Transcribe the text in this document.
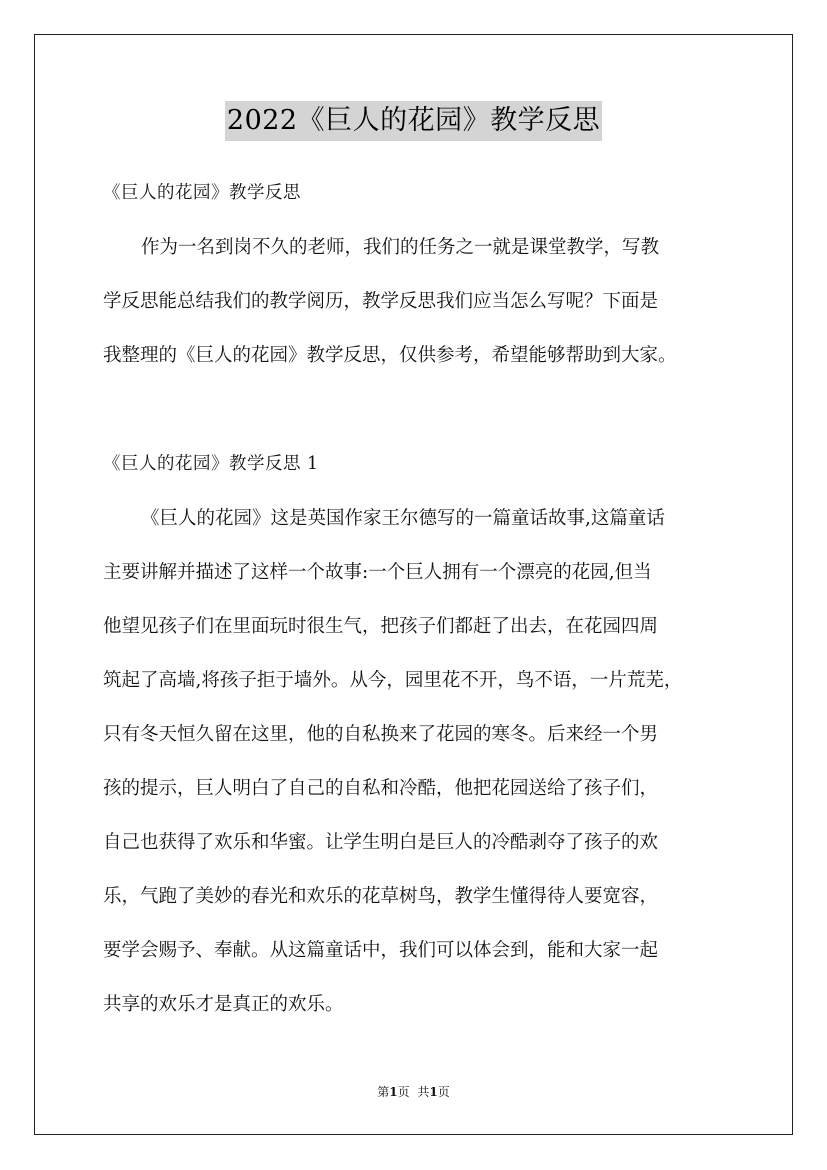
2022《巨人的花园》教学反思
《巨人的花园》教学反思
作为一名到岗不久的老师，我们的任务之一就是课堂教学，写教
学反思能总结我们的教学阅历，教学反思我们应当怎么写呢？下面是
我整理的《巨人的花园》教学反思，仅供参考，希望能够帮助到大家。
《巨人的花园》教学反思 1
《巨人的花园》这是英国作家王尔德写的一篇童话故事,这篇童话
主要讲解并描述了这样一个故事:一个巨人拥有一个漂亮的花园,但当
他望见孩子们在里面玩时很生气，把孩子们都赶了出去，在花园四周
筑起了高墙,将孩子拒于墙外。从今，园里花不开，鸟不语，一片荒芜，
只有冬天恒久留在这里，他的自私换来了花园的寒冬。后来经一个男
孩的提示，巨人明白了自己的自私和冷酷，他把花园送给了孩子们，
自己也获得了欢乐和华蜜。让学生明白是巨人的冷酷剥夺了孩子的欢
乐，气跑了美妙的春光和欢乐的花草树鸟，教学生懂得待人要宽容，
要学会赐予、奉献。从这篇童话中，我们可以体会到，能和大家一起
共享的欢乐才是真正的欢乐。
第1页 共1页
